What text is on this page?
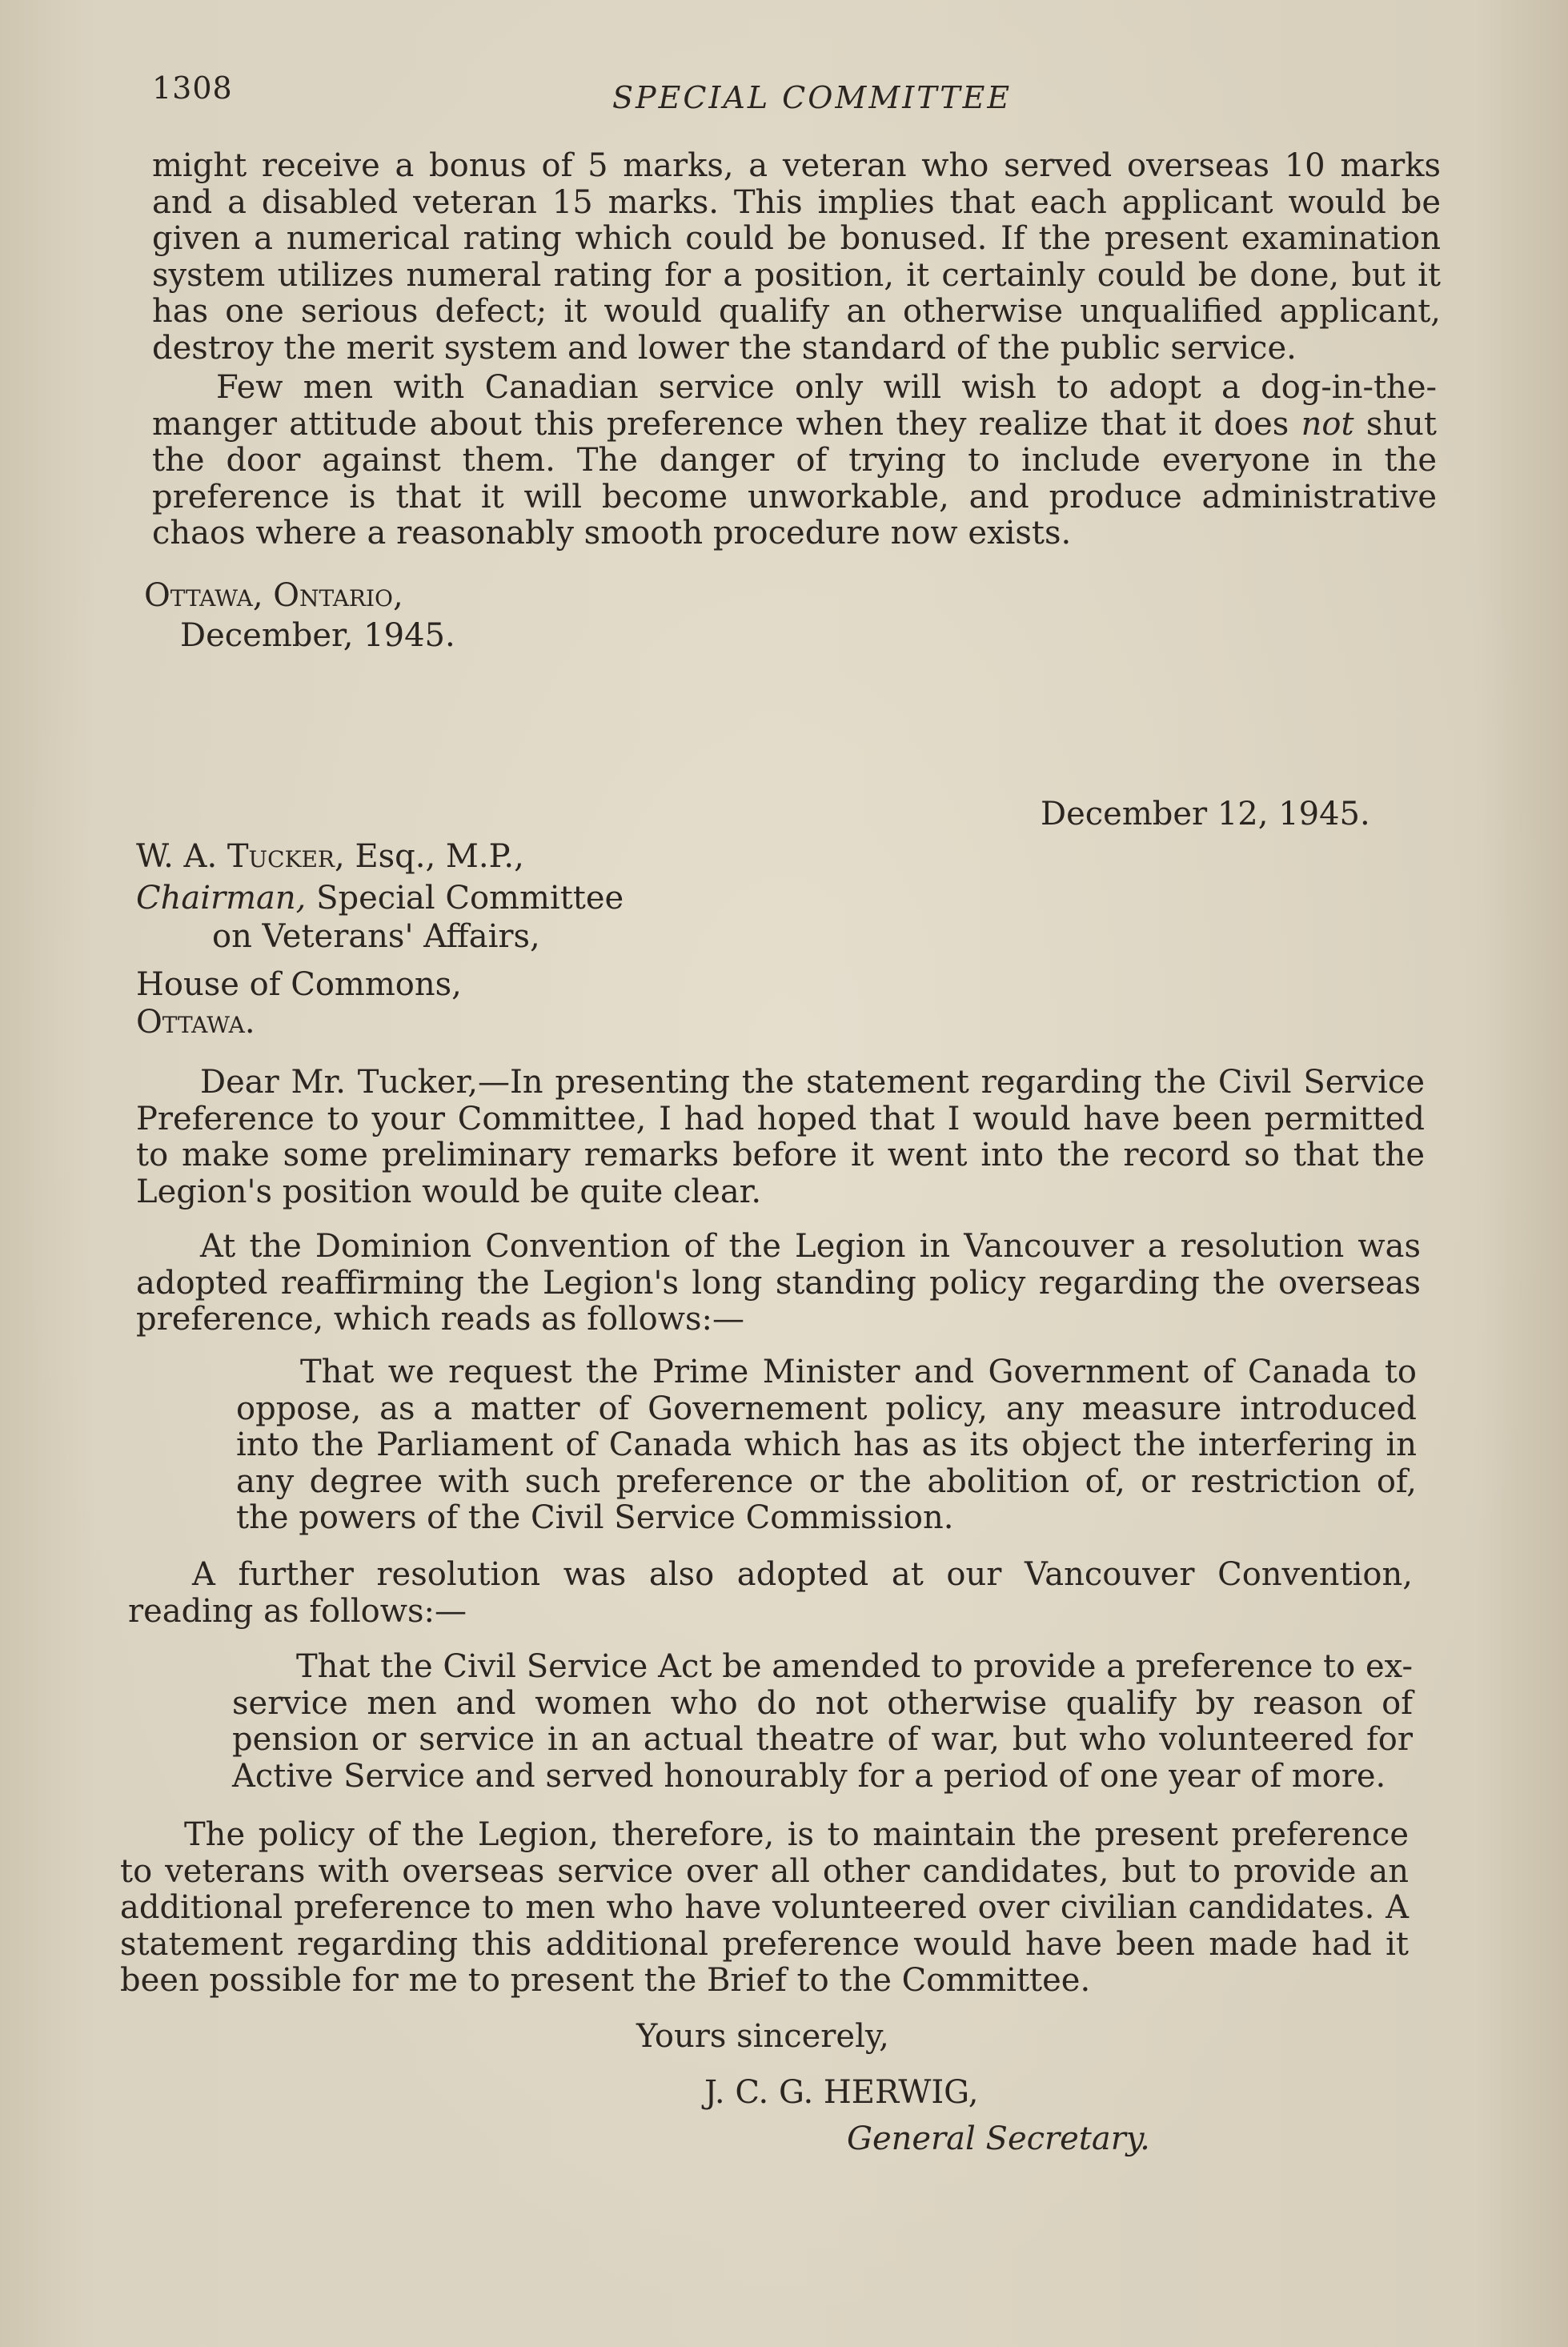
1308	SPECIAL COMMITTEE

might receive a bonus of 5 marks, a veteran who served overseas 10 marks and a disabled veteran 15 marks. This implies that each applicant would be given a numerical rating which could be bonused. If the present examination system utilizes numeral rating for a position, it certainly could be done, but it has one serious defect; it would qualify an otherwise unqualified applicant, destroy the merit system and lower the standard of the public service.

Few men with Canadian service only will wish to adopt a dog-in-the-manger attitude about this preference when they realize that it does not shut the door against them. The danger of trying to include everyone in the preference is that it will become unworkable, and produce administrative chaos where a reasonably smooth procedure now exists.

Ottawa, Ontario,
December, 1945.
December 12, 1945.
W. A. Tucker, Esq., M.P.,
Chairman, Special Committee
on Veterans' Affairs,
House of Commons,
Ottawa.

Dear Mr. Tucker,—In presenting the statement regarding the Civil Service Preference to your Committee, I had hoped that I would have been permitted to make some preliminary remarks before it went into the record so that the Legion's position would be quite clear.

At the Dominion Convention of the Legion in Vancouver a resolution was adopted reaffirming the Legion's long standing policy regarding the overseas preference, which reads as follows:—

That we request the Prime Minister and Government of Canada to oppose, as a matter of Governement policy, any measure introduced into the Parliament of Canada which has as its object the interfering in any degree with such preference or the abolition of, or restriction of, the powers of the Civil Service Commission.

A further resolution was also adopted at our Vancouver Convention, reading as follows:—

That the Civil Service Act be amended to provide a preference to ex-service men and women who do not otherwise qualify by reason of pension or service in an actual theatre of war, but who volunteered for Active Service and served honourably for a period of one year of more.

The policy of the Legion, therefore, is to maintain the present preference to veterans with overseas service over all other candidates, but to provide an additional preference to men who have volunteered over civilian candidates. A statement regarding this additional preference would have been made had it been possible for me to present the Brief to the Committee.

Yours sincerely,
J. C. G. HERWIG,
General Secretary.
